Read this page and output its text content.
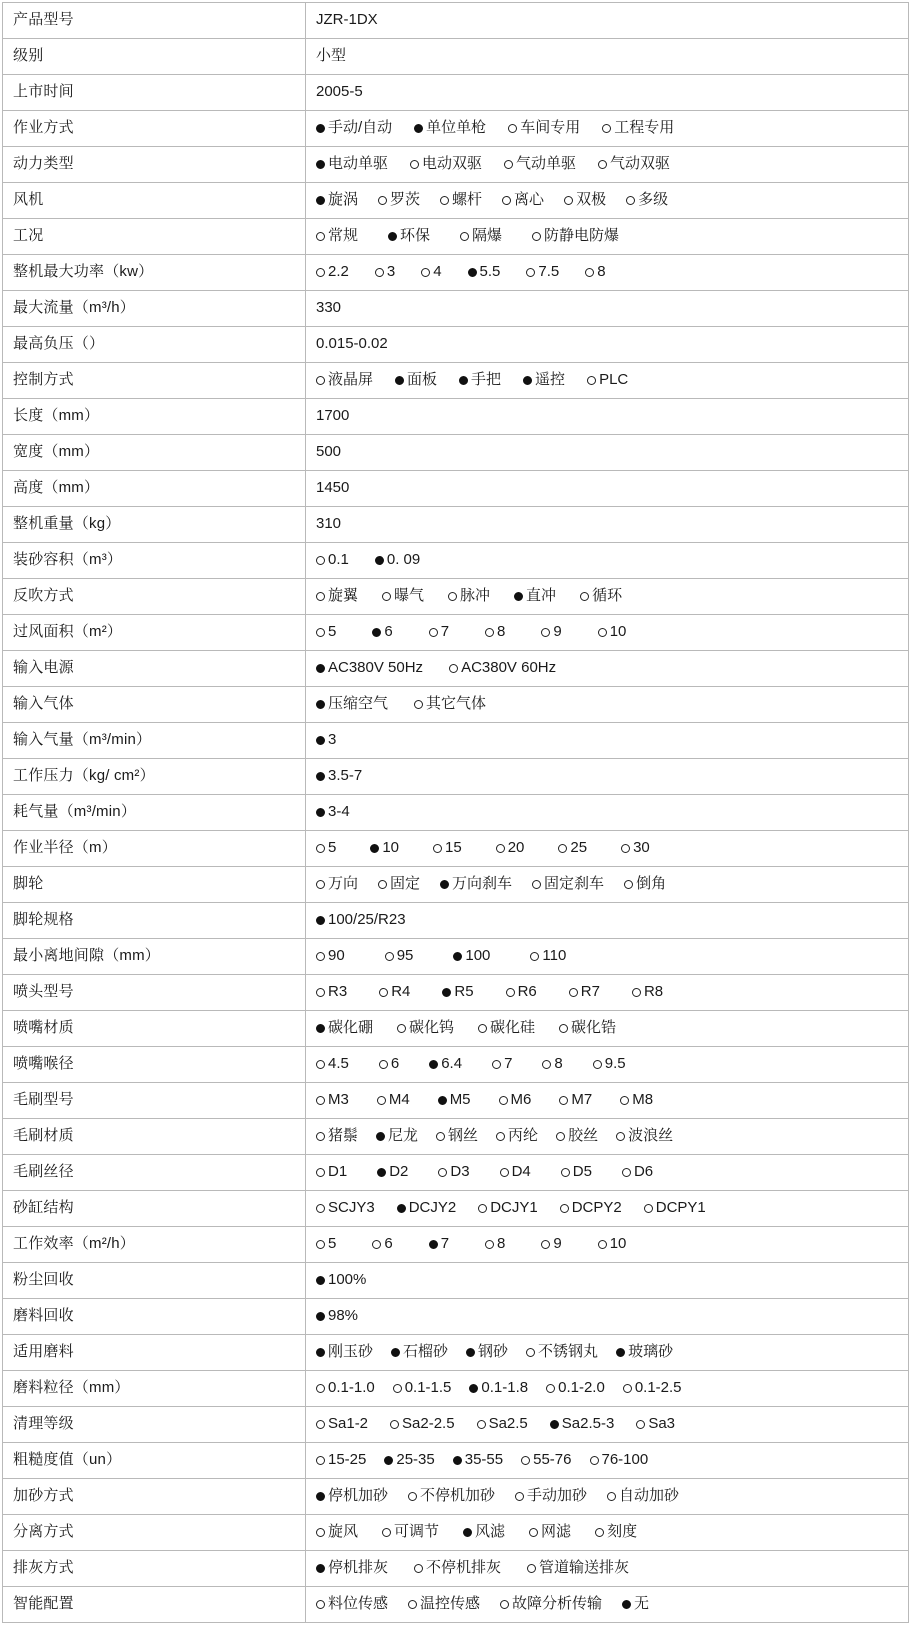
产品型号	JZR-1DX
级别	小型
上市时间	2005-5
作业方式	手动/自动 单位单枪 车间专用 工程专用

动力类型	电动单驱 电动双驱 气动单驱 气动双驱

风机	旋涡 罗茨 螺杆 离心 双极 多级

工况	常规 环保 隔爆 防静电防爆

整机最大功率（kw）	2.2	3	4	5.5	7.5	8

最大流量（m³/h）	330
最高负压（）	0.015-0.02
控制方式	液晶屏 面板 手把 遥控 PLC

长度（mm）	1700
宽度（mm）	500
高度（mm）	1450
整机重量（kg）	310
装砂容积（m³）	0.1 0. 09

反吹方式	旋翼 曝气 脉冲 直冲 循环

过风面积（m²）	5	6	7	8	9	10

输入电源	AC380V 50Hz AC380V 60Hz

输入气体	压缩空气 其它气体

输入气量（m³/min）	3

工作压力（kg/ cm²）	3.5-7

耗气量（m³/min）	3-4

作业半径（m）	5	10	15	20	25	30

脚轮	万向 固定 万向刹车 固定刹车 倒角

脚轮规格	100/25/R23

最小离地间隙（mm）	90 95 100 110

喷头型号	R3	R4	R5	R6	R7	R8

喷嘴材质	碳化硼 碳化钨 碳化硅 碳化锆

喷嘴喉径	4.5	6	6.4	7	8	9.5

毛刷型号	M3	M4	M5	M6	M7	M8

毛刷材质	猪鬃 尼龙 钢丝 丙纶 胶丝 波浪丝

毛刷丝径	D1	D2	D3	D4	D5	D6

砂缸结构	SCJY3 DCJY2 DCJY1 DCPY2 DCPY1

工作效率（m²/h）	5	6	7	8	9	10

粉尘回收	100%

磨料回收	98%

适用磨料	刚玉砂 石榴砂 钢砂 不锈钢丸 玻璃砂

磨料粒径（mm）	0.1-1.0 0.1-1.5 0.1-1.8 0.1-2.0 0.1-2.5

清理等级	Sa1-2 Sa2-2.5 Sa2.5 Sa2.5-3 Sa3

粗糙度值（un）	15-25 25-35 35-55 55-76 76-100

加砂方式	停机加砂 不停机加砂 手动加砂 自动加砂

分离方式	旋风 可调节 风滤 网滤 刻度

排灰方式	停机排灰 不停机排灰 管道输送排灰

智能配置	料位传感 温控传感 故障分析传输 无
